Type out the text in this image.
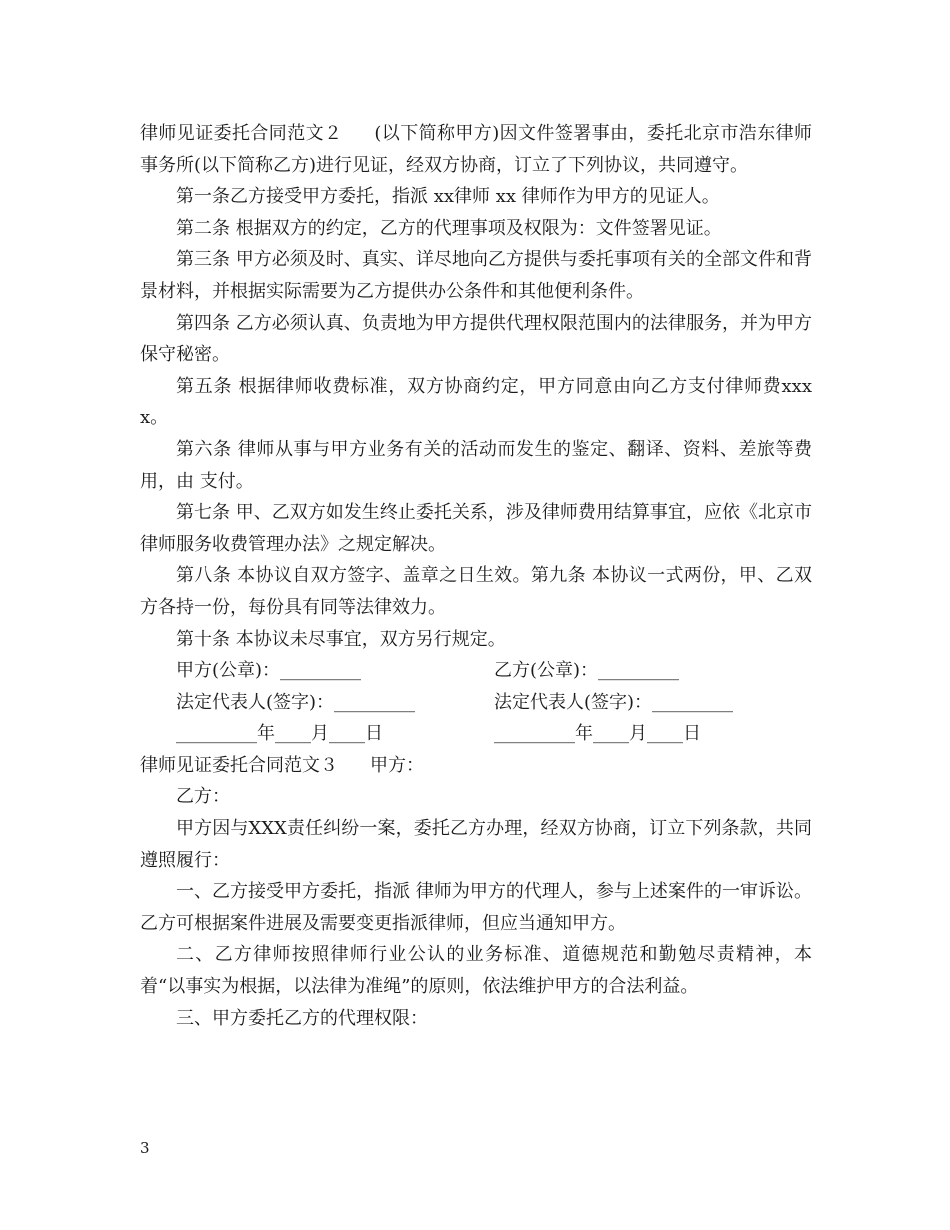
律师见证委托合同范文２ (以下简称甲方)因文件签署事由，委托北京市浩东律师事务所(以下简称乙方)进行见证，经双方协商，订立了下列协议，共同遵守。

第一条乙方接受甲方委托，指派 xx律师 xx 律师作为甲方的见证人。

第二条 根据双方的约定，乙方的代理事项及权限为：文件签署见证。

第三条 甲方必须及时、真实、详尽地向乙方提供与委托事项有关的全部文件和背景材料，并根据实际需要为乙方提供办公条件和其他便利条件。

第四条 乙方必须认真、负责地为甲方提供代理权限范围内的法律服务，并为甲方保守秘密。

第五条 根据律师收费标准，双方协商约定，甲方同意由向乙方支付律师费xxxx。

第六条 律师从事与甲方业务有关的活动而发生的鉴定、翻译、资料、差旅等费用，由 支付。

第七条 甲、乙双方如发生终止委托关系，涉及律师费用结算事宜，应依《北京市律师服务收费管理办法》之规定解决。

第八条 本协议自双方签字、盖章之日生效。第九条 本协议一式两份，甲、乙双方各持一份，每份具有同等法律效力。

第十条 本协议未尽事宜，双方另行规定。

甲方(公章)：_________	乙方(公章)：_________
法定代表人(签字)：_________	法定代表人(签字)：_________
_________年____月____日	_________年____月____日

律师见证委托合同范文３ 甲方：

乙方：

甲方因与XXX责任纠纷一案，委托乙方办理，经双方协商，订立下列条款，共同遵照履行：

一、乙方接受甲方委托，指派 律师为甲方的代理人，参与上述案件的一审诉讼。乙方可根据案件进展及需要变更指派律师，但应当通知甲方。

二、乙方律师按照律师行业公认的业务标准、道德规范和勤勉尽责精神，本着“以事实为根据，以法律为准绳”的原则，依法维护甲方的合法利益。

三、甲方委托乙方的代理权限：

3
